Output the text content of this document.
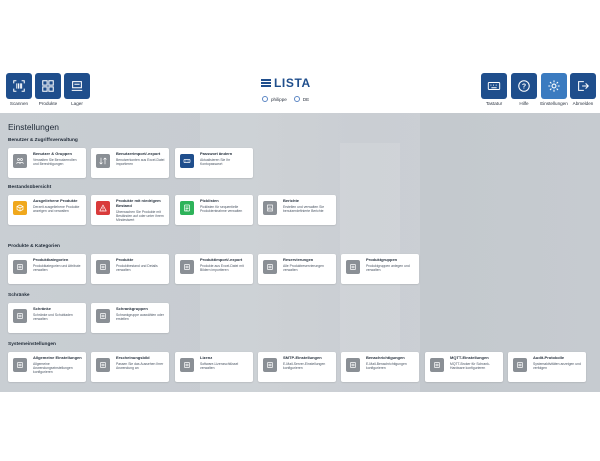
Scannen	Produkte	Lager	Tastatur
?
Hilfe	Einstellungen	Abmelden
LISTA
philippe	DE
Einstellungen
Benutzer & Zugriffsverwaltung
Benutzer & Gruppen
Verwalten Sie Benutzerrollen und Berechtigungen
Benutzerimport/-export
Benutzerkonten aus Excel-Datei importieren
Passwort ändern
Aktualisieren Sie Ihr Kontopasswort
Bestandsübersicht
Ausgeliehene Produkte
Derzeit ausgeliehene Produkte anzeigen und verwalten
Produkte mit niedrigem Bestand
Überwachen Sie Produkte mit Beständen auf oder unter ihrem Mindestwert
Picklisten
Picklisten für sequentielle Produktentnahme verwalten
Berichte
Erstellen und verwalten Sie benutzerdefinierte Berichte
Produkte & Kategorien
Produktkategorien
Produktkategorien und Attribute verwalten
Produkte
Produktbestand und Details verwalten
Produktimport/-export
Produkte aus Excel-Datei mit Bildern importieren
Reservierungen
Alle Produktreservierungen verwalten
Produktgruppen
Produktgruppen anlegen und verwalten
Schränke
Schränke
Schränke und Schubladen verwalten
Schrankgruppen
Schrankgruppe auswählen oder erstellen
Systemeinstellungen
Allgemeine Einstellungen
Allgemeine Anwendungseinstellungen konfigurieren
Erscheinungsbild
Passen Sie das Aussehen Ihrer Anwendung an
Lizenz
Software-Lizenzschlüssel verwalten
SMTP-Einstellungen
E-Mail-Server-Einstellungen konfigurieren
Benachrichtigungen
E-Mail-Benachrichtigungen konfigurieren
MQTT-Einstellungen
MQTT-Broker für Schrank-Hardware konfigurieren
Audit-Protokolle
Systemaktivitäten anzeigen und verfolgen
